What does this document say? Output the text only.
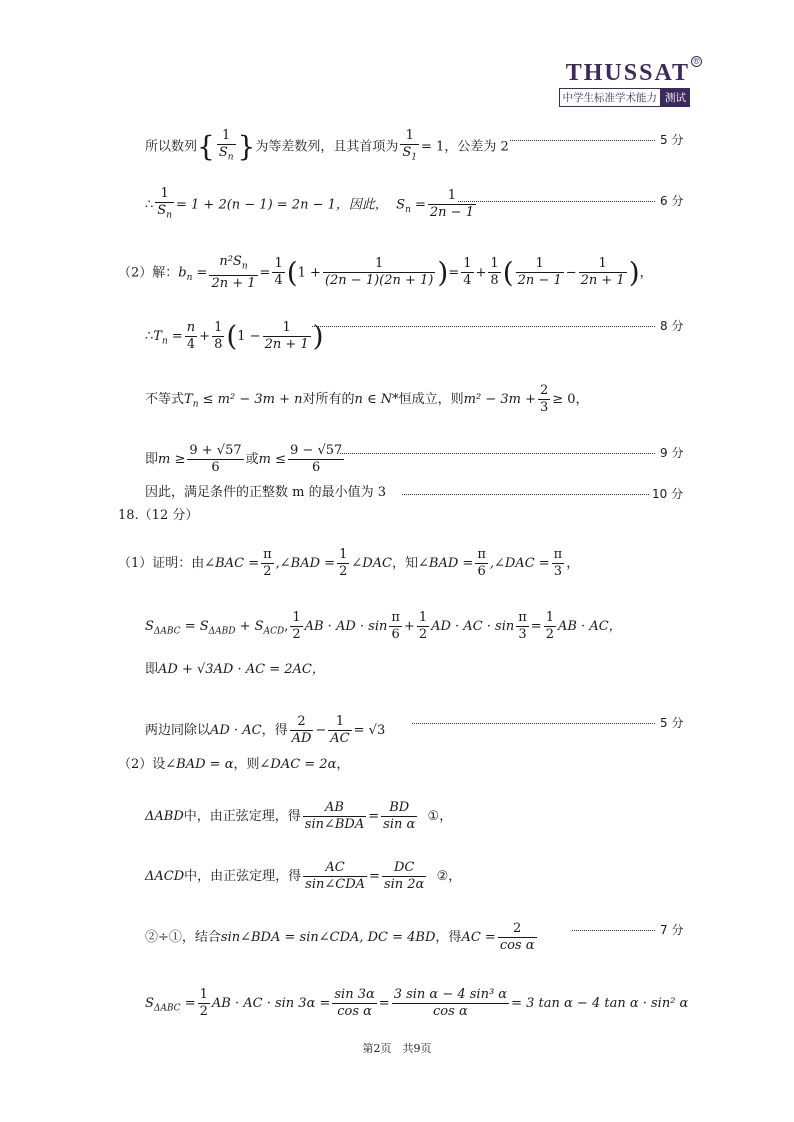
THUSSAT ®
中学生标准学术能力 测试
所以数列{ $\frac{1}{S_n}$ }为等差数列，且其首项为 $\frac{1}{S_1} = 1$，公差为 2	5 分
∴ $\frac{1}{S_n} = 1 + 2(n - 1) = 2n - 1$，因此， $S_n = \frac{1}{2n - 1}$	6 分
（2）解：$b_n = \frac{n^2S_n}{2n + 1} = \frac{1}{4} (1 + \frac{1}{(2n - 1)(2n + 1)}$ )= $\frac{1}{4} + \frac{1}{8}$ ( $\frac{1}{2n - 1} - \frac{1}{2n + 1}$ )，
$\therefore T_n = \frac{n}{4} + \frac{1}{8} (1 - \frac{1}{2n + 1}$ )	8 分
不等式$T_n \le m^2 - 3m + n$对所有的n ∈ N*恒成立，则$m^2 - 3m + \frac{2}{3} \ge 0$，
即$m \ge \frac{9 + √57}{6}$ 或$m \le \frac{9 - √57}{6}$	9 分
因此，满足条件的正整数 m 的最小值为 3	10 分
18.（12 分）
（1）证明：由∠BAC = $\frac{\pi}{2}$ ,∠BAD = $\frac{1}{2}$ ∠DAC，知∠BAD = $\frac{\pi}{6}$ ,∠DAC = $\frac{\pi}{3}$ ，
$S_{\Delta ABC} = S_{\Delta ABD} + S_{ACD}$, $\frac{1}{2}$ AB · AD · $\sin \frac{\pi}{6} + \frac{1}{2}$ AD · AC · $\sin \frac{\pi}{3} = \frac{1}{2}$ AB · AC，
即AD + √3AD · AC = 2AC，
两边同除以AD · AC，得 $\frac{2}{AD} - \frac{1}{AC} = √3$	5 分
（2）设∠BAD = α，则∠DAC = 2α，
ΔABD中，由正弦定理，得 $\frac{AB}{\text{sin∠BDA}} = \frac{BD}{\text{sin α}}$ ①，
ΔACD中，由正弦定理，得 $\frac{AC}{\text{sin∠CDA}} = \frac{DC}{\sin 2\alpha}$ ②，
②÷①，结合sin∠BDA = sin∠CDA, DC = 4BD，得AC = $\frac{2}{\text{cos α}}$	7 分
$S_{\Delta ABC} = \frac{1}{2}$ AB · AC · $\sin 3\alpha = \frac{\sin 3\alpha}{\text{cos α}} = \frac{\text{3 sin α − 4 sin³ α}}{\text{cos α}} = 3$ tan α − 4 tan α · sin² α
第2页　共9页
